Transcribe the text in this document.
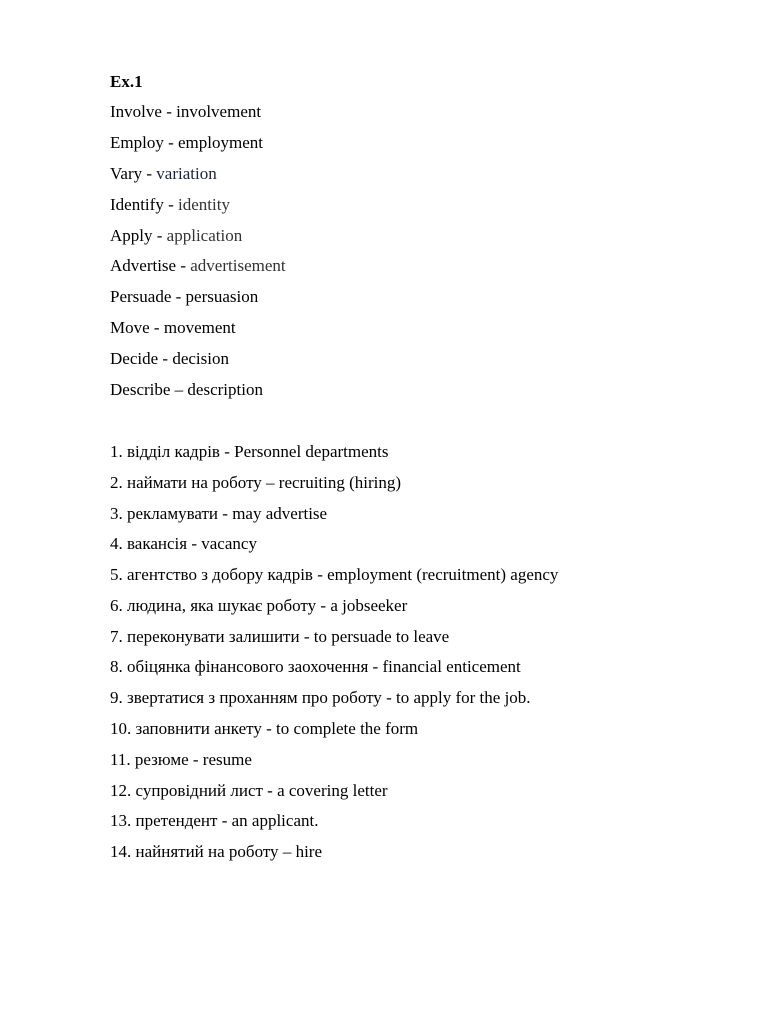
Ex.1
Involve - involvement
Employ - employment
Vary - variation
Identify - identity
Apply - application
Advertise - advertisement
Persuade - persuasion
Move - movement
Decide - decision
Describe – description
1. відділ кадрів - Personnel departments
2. наймати на роботу – recruiting (hiring)
3. рекламувати - may advertise
4. вакансія - vacancy
5. агентство з добору кадрів - employment (recruitment) agency
6. людина, яка шукає роботу - a jobseeker
7. переконувати залишити - to persuade to leave
8. обіцянка фінансового заохочення - financial enticement
9. звертатися з проханням про роботу - to apply for the job.
10. заповнити анкету - to complete the form
11. резюме - resume
12. супровідний лист - a covering letter
13. претендент - an applicant.
14. найнятий на роботу – hire
